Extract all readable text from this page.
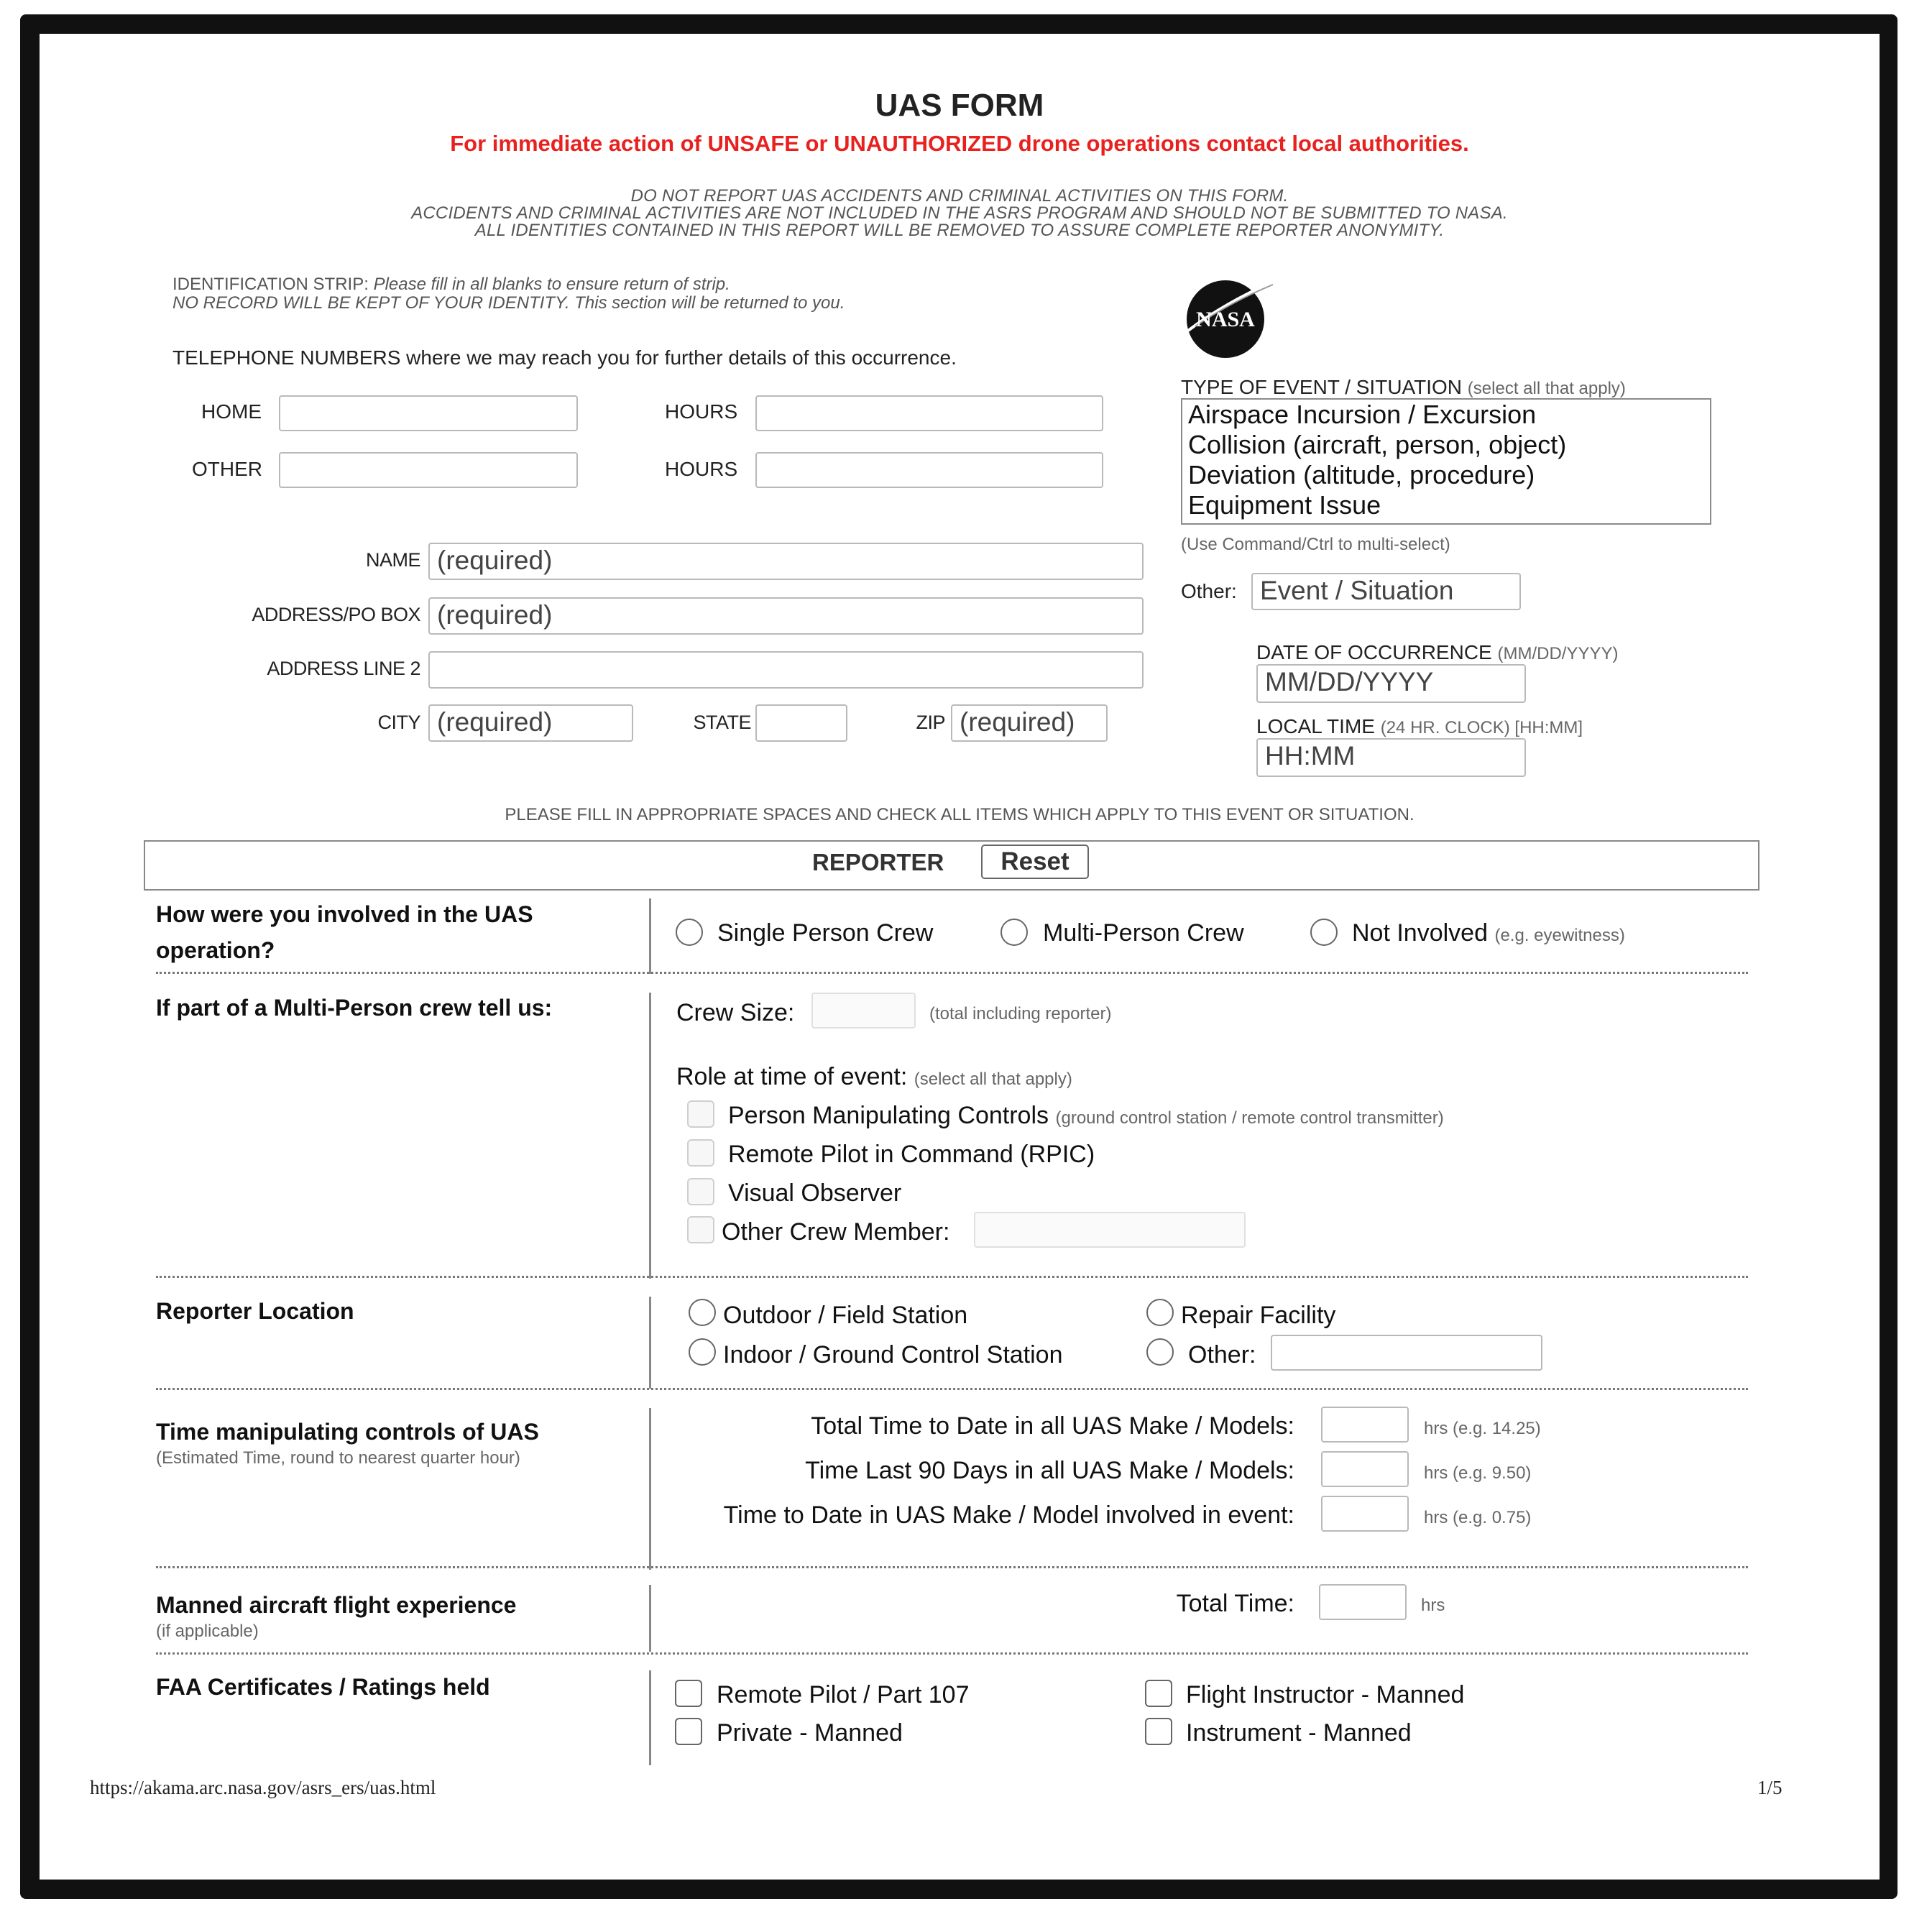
UAS FORM
For immediate action of UNSAFE or UNAUTHORIZED drone operations contact local authorities.
DO NOT REPORT UAS ACCIDENTS AND CRIMINAL ACTIVITIES ON THIS FORM.
ACCIDENTS AND CRIMINAL ACTIVITIES ARE NOT INCLUDED IN THE ASRS PROGRAM AND SHOULD NOT BE SUBMITTED TO NASA.
ALL IDENTITIES CONTAINED IN THIS REPORT WILL BE REMOVED TO ASSURE COMPLETE REPORTER ANONYMITY.
IDENTIFICATION STRIP: Please fill in all blanks to ensure return of strip.
NO RECORD WILL BE KEPT OF YOUR IDENTITY. This section will be returned to you.
TELEPHONE NUMBERS where we may reach you for further details of this occurrence.
HOME	HOURS
OTHER	HOURS
NAME (required)
ADDRESS/PO BOX (required)
ADDRESS LINE 2
CITY (required)	STATE	ZIP (required)
NASA
TYPE OF EVENT / SITUATION (select all that apply)
Airspace Incursion / Excursion
Collision (aircraft, person, object)
Deviation (altitude, procedure)
Equipment Issue
(Use Command/Ctrl to multi-select)
Other: Event / Situation
DATE OF OCCURRENCE (MM/DD/YYYY)
MM/DD/YYYY
LOCAL TIME (24 HR. CLOCK) [HH:MM]
HH:MM
PLEASE FILL IN APPROPRIATE SPACES AND CHECK ALL ITEMS WHICH APPLY TO THIS EVENT OR SITUATION.
REPORTER	Reset
How were you involved in the UAS
operation?
Single Person Crew	Multi-Person Crew	Not Involved (e.g. eyewitness)
If part of a Multi-Person crew tell us:	Crew Size:	(total including reporter)
Role at time of event: (select all that apply)
Person Manipulating Controls (ground control station / remote control transmitter)
Remote Pilot in Command (RPIC)
Visual Observer
Other Crew Member:
Reporter Location	Outdoor / Field Station	Repair Facility
Indoor / Ground Control Station	Other:
Time manipulating controls of UAS
(Estimated Time, round to nearest quarter hour)
Total Time to Date in all UAS Make / Models:	hrs (e.g. 14.25)
Time Last 90 Days in all UAS Make / Models:	hrs (e.g. 9.50)
Time to Date in UAS Make / Model involved in event:	hrs (e.g. 0.75)
Manned aircraft flight experience
(if applicable)
Total Time:	hrs
FAA Certificates / Ratings held	Remote Pilot / Part 107	Flight Instructor - Manned
Private - Manned	Instrument - Manned
https://akama.arc.nasa.gov/asrs_ers/uas.html	1/5
